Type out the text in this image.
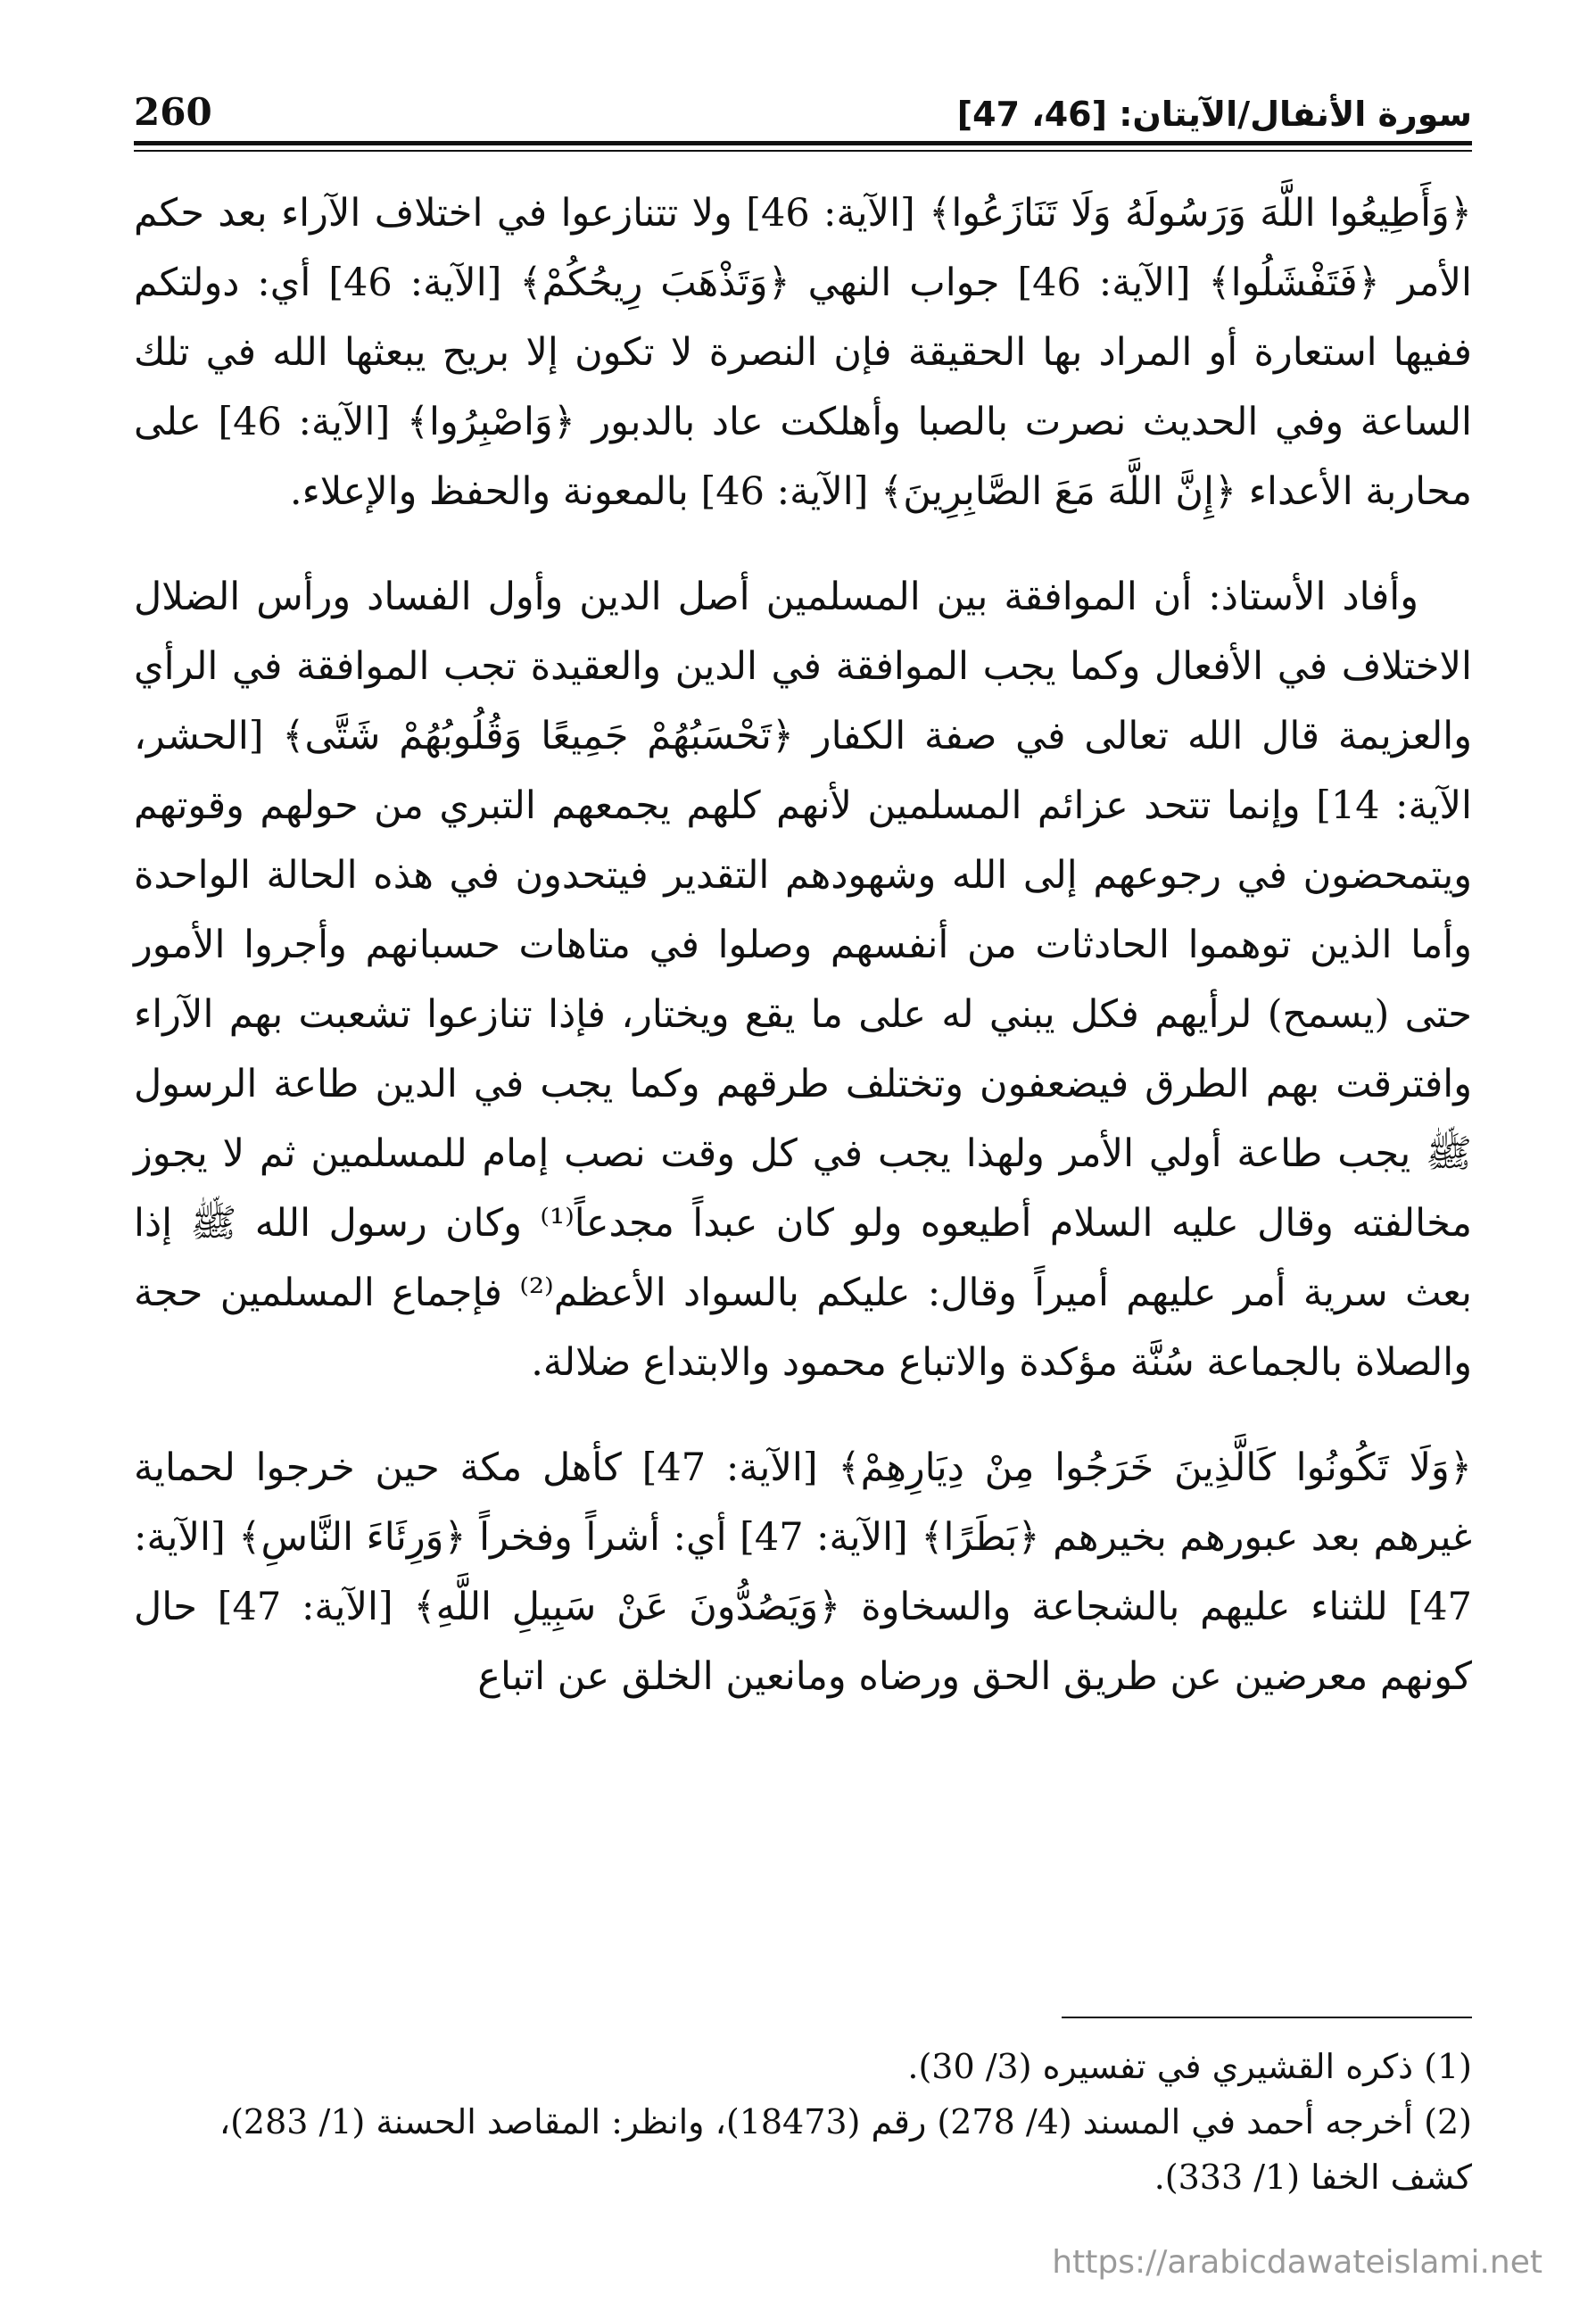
260	سورة الأنفال/الآيتان: [46، 47]

﴿وَأَطِيعُوا اللَّهَ وَرَسُولَهُ وَلَا تَنَازَعُوا﴾ [الآية: 46] ولا تتنازعوا في اختلاف الآراء بعد حكم الأمر ﴿فَتَفْشَلُوا﴾ [الآية: 46] جواب النهي ﴿وَتَذْهَبَ رِيحُكُمْ﴾ [الآية: 46] أي: دولتكم ففيها استعارة أو المراد بها الحقيقة فإن النصرة لا تكون إلا بريح يبعثها الله في تلك الساعة وفي الحديث نصرت بالصبا وأهلكت عاد بالدبور ﴿وَاصْبِرُوا﴾ [الآية: 46] على محاربة الأعداء ﴿إِنَّ اللَّهَ مَعَ الصَّابِرِينَ﴾ [الآية: 46] بالمعونة والحفظ والإعلاء.

وأفاد الأستاذ: أن الموافقة بين المسلمين أصل الدين وأول الفساد ورأس الضلال الاختلاف في الأفعال وكما يجب الموافقة في الدين والعقيدة تجب الموافقة في الرأي والعزيمة قال الله تعالى في صفة الكفار ﴿تَحْسَبُهُمْ جَمِيعًا وَقُلُوبُهُمْ شَتَّى﴾ [الحشر، الآية: 14] وإنما تتحد عزائم المسلمين لأنهم كلهم يجمعهم التبري من حولهم وقوتهم ويتمحضون في رجوعهم إلى الله وشهودهم التقدير فيتحدون في هذه الحالة الواحدة وأما الذين توهموا الحادثات من أنفسهم وصلوا في متاهات حسبانهم وأجروا الأمور حتى (يسمح) لرأيهم فكل يبني له على ما يقع ويختار، فإذا تنازعوا تشعبت بهم الآراء وافترقت بهم الطرق فيضعفون وتختلف طرقهم وكما يجب في الدين طاعة الرسول ﷺ يجب طاعة أولي الأمر ولهذا يجب في كل وقت نصب إمام للمسلمين ثم لا يجوز مخالفته وقال عليه السلام أطيعوه ولو كان عبداً مجدعاً⁽¹⁾ وكان رسول الله ﷺ إذا بعث سرية أمر عليهم أميراً وقال: عليكم بالسواد الأعظم⁽²⁾ فإجماع المسلمين حجة والصلاة بالجماعة سُنَّة مؤكدة والاتباع محمود والابتداع ضلالة.

﴿وَلَا تَكُونُوا كَالَّذِينَ خَرَجُوا مِنْ دِيَارِهِمْ﴾ [الآية: 47] كأهل مكة حين خرجوا لحماية غيرهم بعد عبورهم بخيرهم ﴿بَطَرًا﴾ [الآية: 47] أي: أشراً وفخراً ﴿وَرِئَاءَ النَّاسِ﴾ [الآية: 47] للثناء عليهم بالشجاعة والسخاوة ﴿وَيَصُدُّونَ عَنْ سَبِيلِ اللَّهِ﴾ [الآية: 47] حال كونهم معرضين عن طريق الحق ورضاه ومانعين الخلق عن اتباع

(1) ذكره القشيري في تفسيره (3/ 30).

(2) أخرجه أحمد في المسند (4/ 278) رقم (18473)، وانظر: المقاصد الحسنة (1/ 283)، كشف الخفا (1/ 333).

https://arabicdawateislami.net
